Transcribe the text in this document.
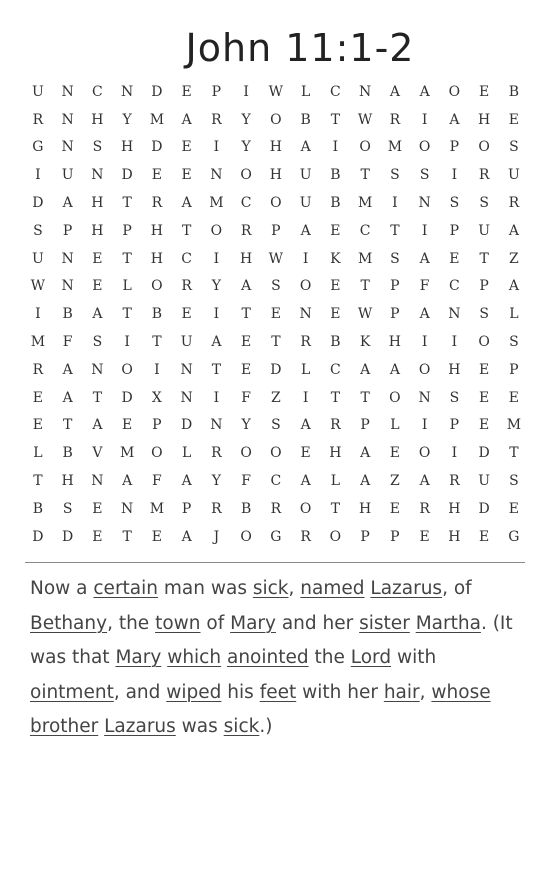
John 11:1-2
U	N	C	N	D	E	P	I	W	L	C	N	A	A	O	E	B
R	N	H	Y	M	A	R	Y	O	B	T	W	R	I	A	H	E
G	N	S	H	D	E	I	Y	H	A	I	O	M	O	P	O	S
I	U	N	D	E	E	N	O	H	U	B	T	S	S	I	R	U
D	A	H	T	R	A	M	C	O	U	B	M	I	N	S	S	R
S	P	H	P	H	T	O	R	P	A	E	C	T	I	P	U	A
U	N	E	T	H	C	I	H	W	I	K	M	S	A	E	T	Z
W	N	E	L	O	R	Y	A	S	O	E	T	P	F	C	P	A
I	B	A	T	B	E	I	T	E	N	E	W	P	A	N	S	L
M	F	S	I	T	U	A	E	T	R	B	K	H	I	I	O	S
R	A	N	O	I	N	T	E	D	L	C	A	A	O	H	E	P
E	A	T	D	X	N	I	F	Z	I	T	T	O	N	S	E	E
E	T	A	E	P	D	N	Y	S	A	R	P	L	I	P	E	M
L	B	V	M	O	L	R	O	O	E	H	A	E	O	I	D	T
T	H	N	A	F	A	Y	F	C	A	L	A	Z	A	R	U	S
B	S	E	N	M	P	R	B	R	O	T	H	E	R	H	D	E
D	D	E	T	E	A	J	O	G	R	O	P	P	E	H	E	G

Now a certain man was sick, named Lazarus, of Bethany, the town of Mary and her sister Martha. (It was that Mary which anointed the Lord with ointment, and wiped his feet with her hair, whose brother Lazarus was sick.)
